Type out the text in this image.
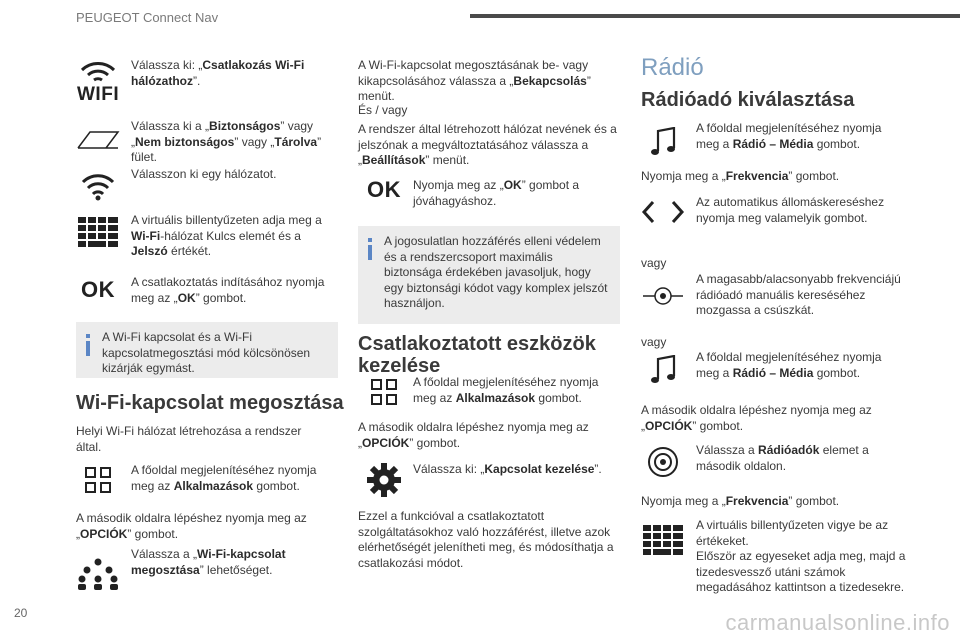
PEUGEOT Connect Nav
WIFI
Válassza ki: „Csatlakozás Wi-Fi hálózathoz”.
Válassza ki a „Biztonságos” vagy „Nem biztonságos” vagy „Tárolva” fület.
Válasszon ki egy hálózatot.
A virtuális billentyűzeten adja meg a Wi-Fi-hálózat Kulcs elemét és a Jelszó értékét.
OK A csatlakoztatás indításához nyomja meg az „OK” gombot.
A Wi-Fi kapcsolat és a Wi-Fi kapcsolatmegosztási mód kölcsönösen kizárják egymást.
Wi-Fi-kapcsolat megosztása
Helyi Wi-Fi hálózat létrehozása a rendszer által.
A főoldal megjelenítéséhez nyomja meg az Alkalmazások gombot.
A második oldalra lépéshez nyomja meg az „OPCIÓK” gombot.
Válassza a „Wi-Fi-kapcsolat megosztása” lehetőséget.
A Wi-Fi-kapcsolat megosztásának be- vagy kikapcsolásához válassza a „Bekapcsolás” menüt.
És / vagy
A rendszer által létrehozott hálózat nevének és a jelszónak a megváltoztatásához válassza a „Beállítások” menüt.
OK Nyomja meg az „OK” gombot a jóváhagyáshoz.
A jogosulatlan hozzáférés elleni védelem és a rendszercsoport maximális biztonsága érdekében javasoljuk, hogy egy biztonsági kódot vagy komplex jelszót használjon.
Csatlakoztatott eszközök kezelése
A főoldal megjelenítéséhez nyomja meg az Alkalmazások gombot.
A második oldalra lépéshez nyomja meg az „OPCIÓK” gombot.
Válassza ki: „Kapcsolat kezelése”.
Ezzel a funkcióval a csatlakoztatott szolgáltatásokhoz való hozzáférést, illetve azok elérhetőségét jelenítheti meg, és módosíthatja a csatlakozási módot.
Rádió
Rádióadó kiválasztása
A főoldal megjelenítéséhez nyomja meg a Rádió – Média gombot.
Nyomja meg a „Frekvencia” gombot.
Az automatikus állomáskereséshez nyomja meg valamelyik gombot.
vagy
A magasabb/alacsonyabb frekvenciájú rádióadó manuális kereséséhez mozgassa a csúszkát.
vagy
A főoldal megjelenítéséhez nyomja meg a Rádió – Média gombot.
A második oldalra lépéshez nyomja meg az „OPCIÓK” gombot.
Válassza a Rádióadók elemet a második oldalon.
Nyomja meg a „Frekvencia” gombot.
A virtuális billentyűzeten vigye be az értékeket.
Először az egyeseket adja meg, majd a tizedesvessző utáni számok megadásához kattintson a tizedesekre.
20	carmanualsonline.info
